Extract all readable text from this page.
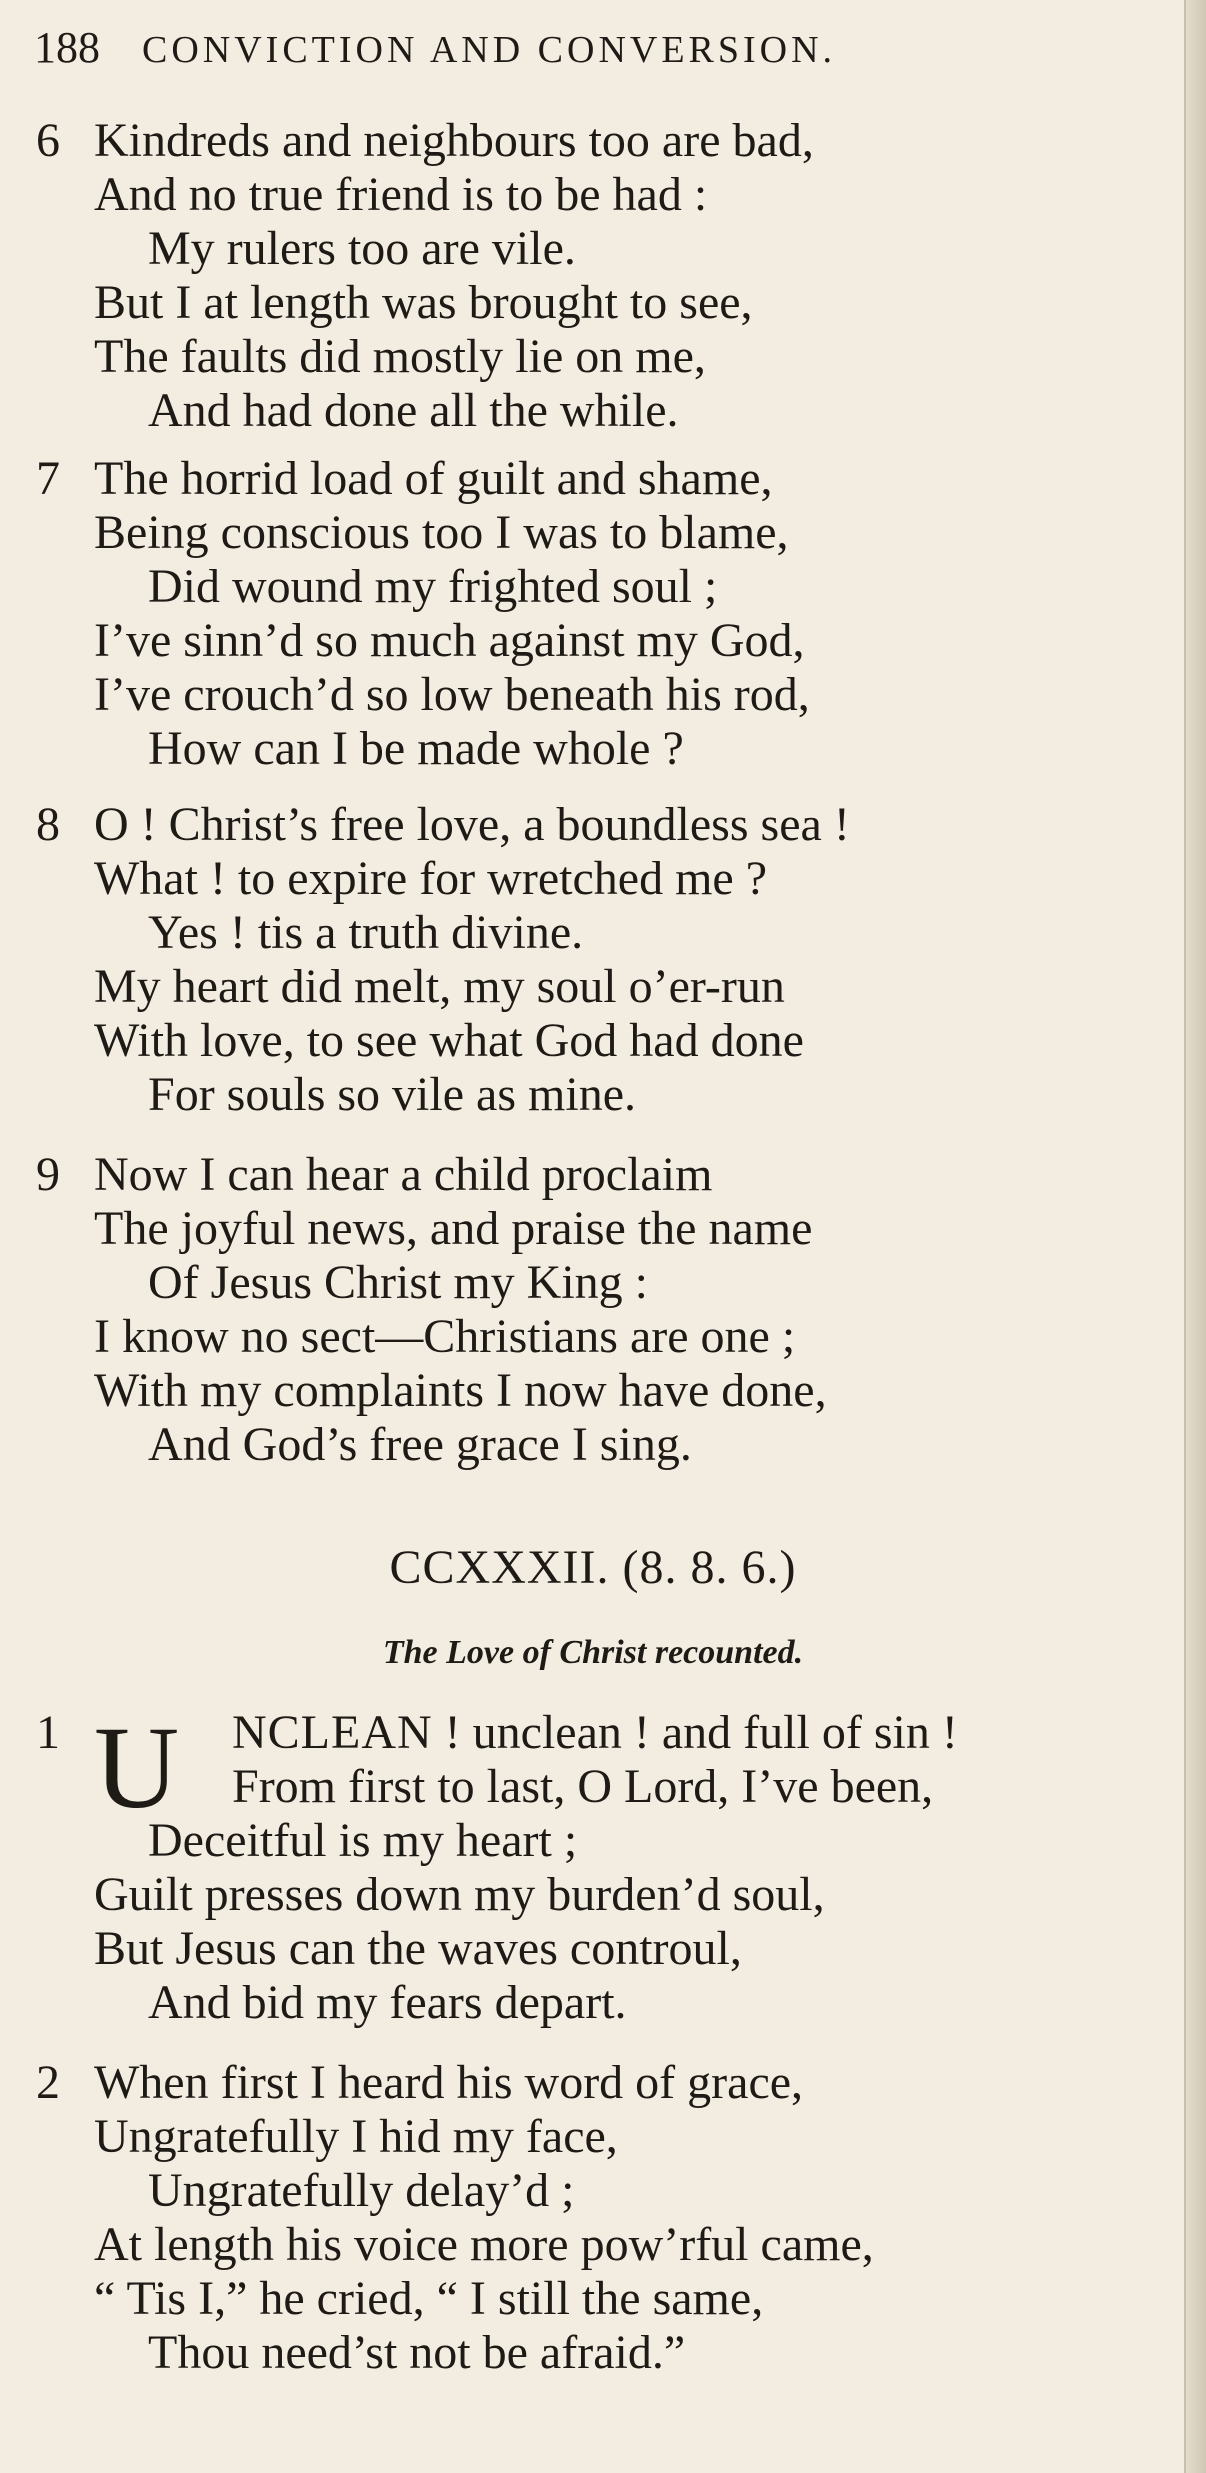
188 CONVICTION AND CONVERSION.
6 Kindreds and neighbours too are bad,
And no true friend is to be had :
My rulers too are vile.
But I at length was brought to see,
The faults did mostly lie on me,
And had done all the while.
7 The horrid load of guilt and shame,
Being conscious too I was to blame,
Did wound my frighted soul ;
I’ve sinn’d so much against my God,
I’ve crouch’d so low beneath his rod,
How can I be made whole ?
8 O ! Christ’s free love, a boundless sea !
What ! to expire for wretched me ?
Yes ! tis a truth divine.
My heart did melt, my soul o’er-run
With love, to see what God had done
For souls so vile as mine.
9 Now I can hear a child proclaim
The joyful news, and praise the name
Of Jesus Christ my King :
I know no sect—Christians are one ;
With my complaints I now have done,
And God’s free grace I sing.
CCXXXII. (8. 8. 6.)
The Love of Christ recounted.
1 U	NCLEAN ! unclean ! and full of sin !
From first to last, O Lord, I’ve been,
Deceitful is my heart ;
Guilt presses down my burden’d soul,
But Jesus can the waves controul,
And bid my fears depart.
2 When first I heard his word of grace,
Ungratefully I hid my face,
Ungratefully delay’d ;
At length his voice more pow’rful came,
“ Tis I,” he cried, “ I still the same,
Thou need’st not be afraid.”
